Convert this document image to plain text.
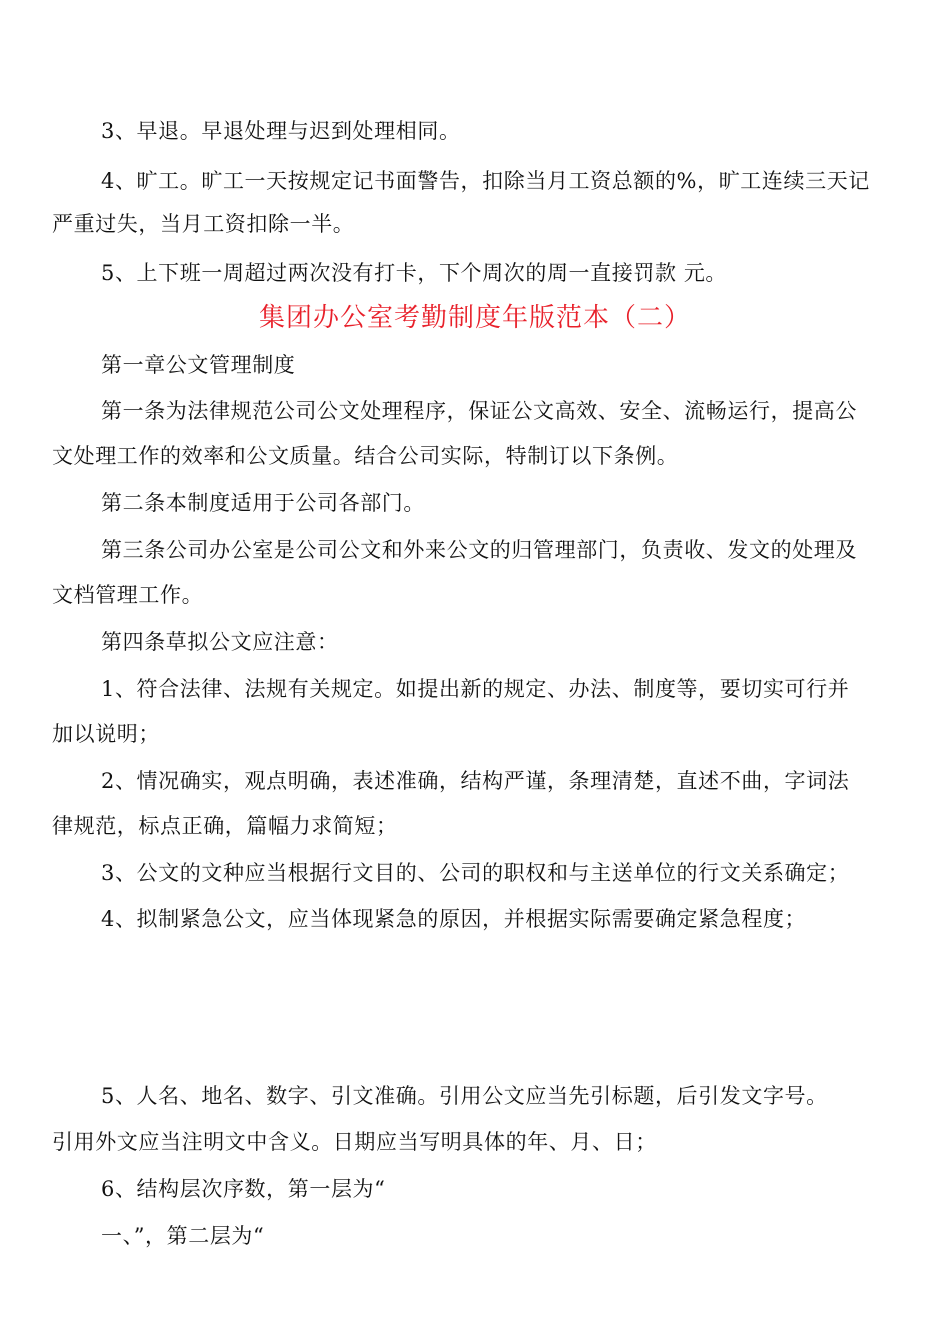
3、早退。早退处理与迟到处理相同。
4、旷工。旷工一天按规定记书面警告，扣除当月工资总额的%，旷工连续三天记
严重过失，当月工资扣除一半。
5、上下班一周超过两次没有打卡，下个周次的周一直接罚款 元。
集团办公室考勤制度年版范本（二）
第一章公文管理制度
第一条为法律规范公司公文处理程序，保证公文高效、安全、流畅运行，提高公
文处理工作的效率和公文质量。结合公司实际，特制订以下条例。
第二条本制度适用于公司各部门。
第三条公司办公室是公司公文和外来公文的归管理部门，负责收、发文的处理及
文档管理工作。
第四条草拟公文应注意：
1、符合法律、法规有关规定。如提出新的规定、办法、制度等，要切实可行并
加以说明；
2、情况确实，观点明确，表述准确，结构严谨，条理清楚，直述不曲，字词法
律规范，标点正确，篇幅力求简短；
3、公文的文种应当根据行文目的、公司的职权和与主送单位的行文关系确定；
4、拟制紧急公文，应当体现紧急的原因，并根据实际需要确定紧急程度；
5、人名、地名、数字、引文准确。引用公文应当先引标题，后引发文字号。
引用外文应当注明文中含义。日期应当写明具体的年、月、日；
6、结构层次序数，第一层为“
一、”，第二层为“
